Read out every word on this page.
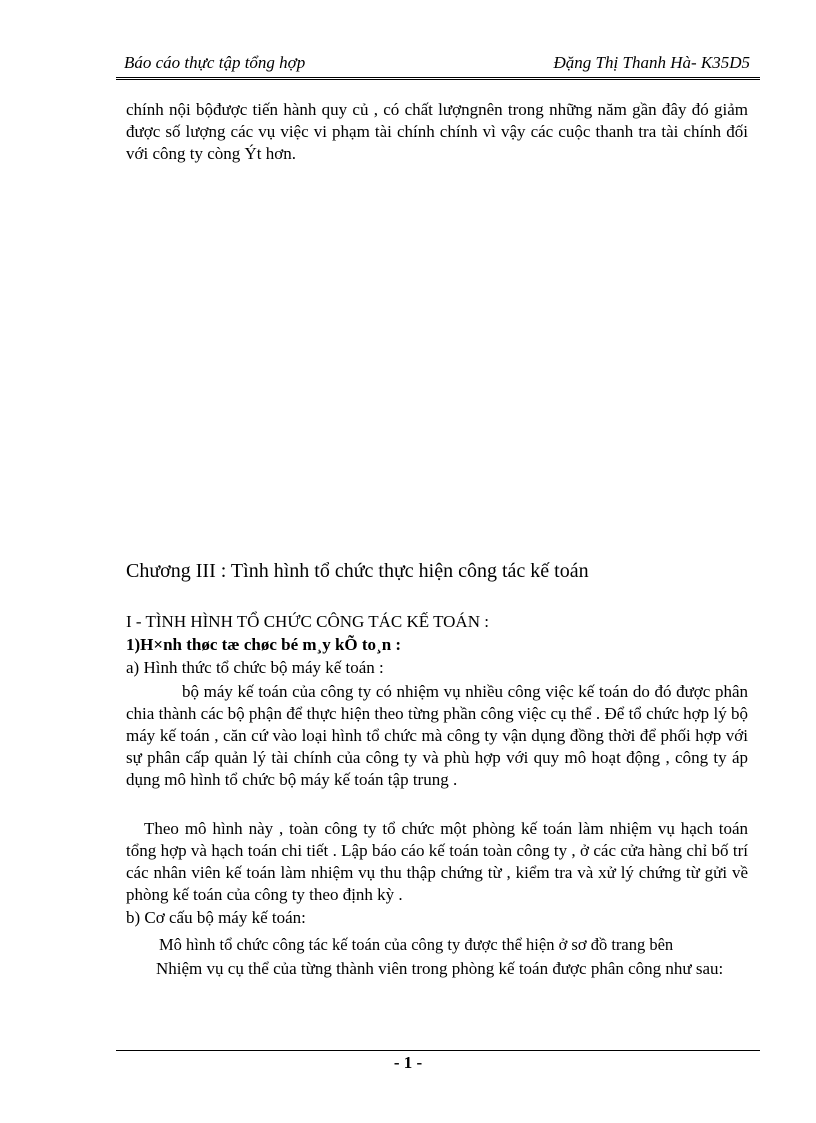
Báo cáo thực tập tổng hợp	Đặng Thị Thanh Hà- K35D5

chính nội bộđược tiến hành quy củ , có chất lượngnên trong những năm gần đây đó giảm được số lượng các vụ việc vi phạm tài chính chính vì vậy các cuộc thanh tra tài chính đối với công ty còng Ýt hơn.

Chương III : Tình hình tổ chức thực hiện công tác kế toán
I - TÌNH HÌNH TỔ CHỨC CÔNG TÁC KẾ TOÁN :
1)H×nh thøc tæ chøc bé m¸y kÕ to¸n :
a) Hình thức tổ chức bộ máy kế toán :

bộ máy kế toán của công ty có nhiệm vụ nhiều công việc kế toán do đó được phân chia thành các bộ phận để thực hiện theo từng phần công việc cụ thể . Để tổ chức hợp lý bộ máy kế toán , căn cứ vào loại hình tổ chức mà công ty vận dụng đồng thời để phối hợp với sự phân cấp quản lý tài chính của công ty và phù hợp với quy mô hoạt động , công ty áp dụng mô hình tổ chức bộ máy kế toán tập trung .

Theo mô hình này , toàn công ty tổ chức một phòng kế toán làm nhiệm vụ hạch toán tổng hợp và hạch toán chi tiết . Lập báo cáo kế toán toàn công ty , ở các cửa hàng chỉ bố trí các nhân viên kế toán làm nhiệm vụ thu thập chứng từ , kiểm tra và xử lý chứng từ gửi về phòng kế toán của công ty theo định kỳ .

b) Cơ cấu bộ máy kế toán:

Mô hình tổ chức công tác kế toán của công ty được thể hiện ở sơ đồ trang bên

Nhiệm vụ cụ thể của từng thành viên trong phòng kế toán được phân công như sau:

- 1 -
